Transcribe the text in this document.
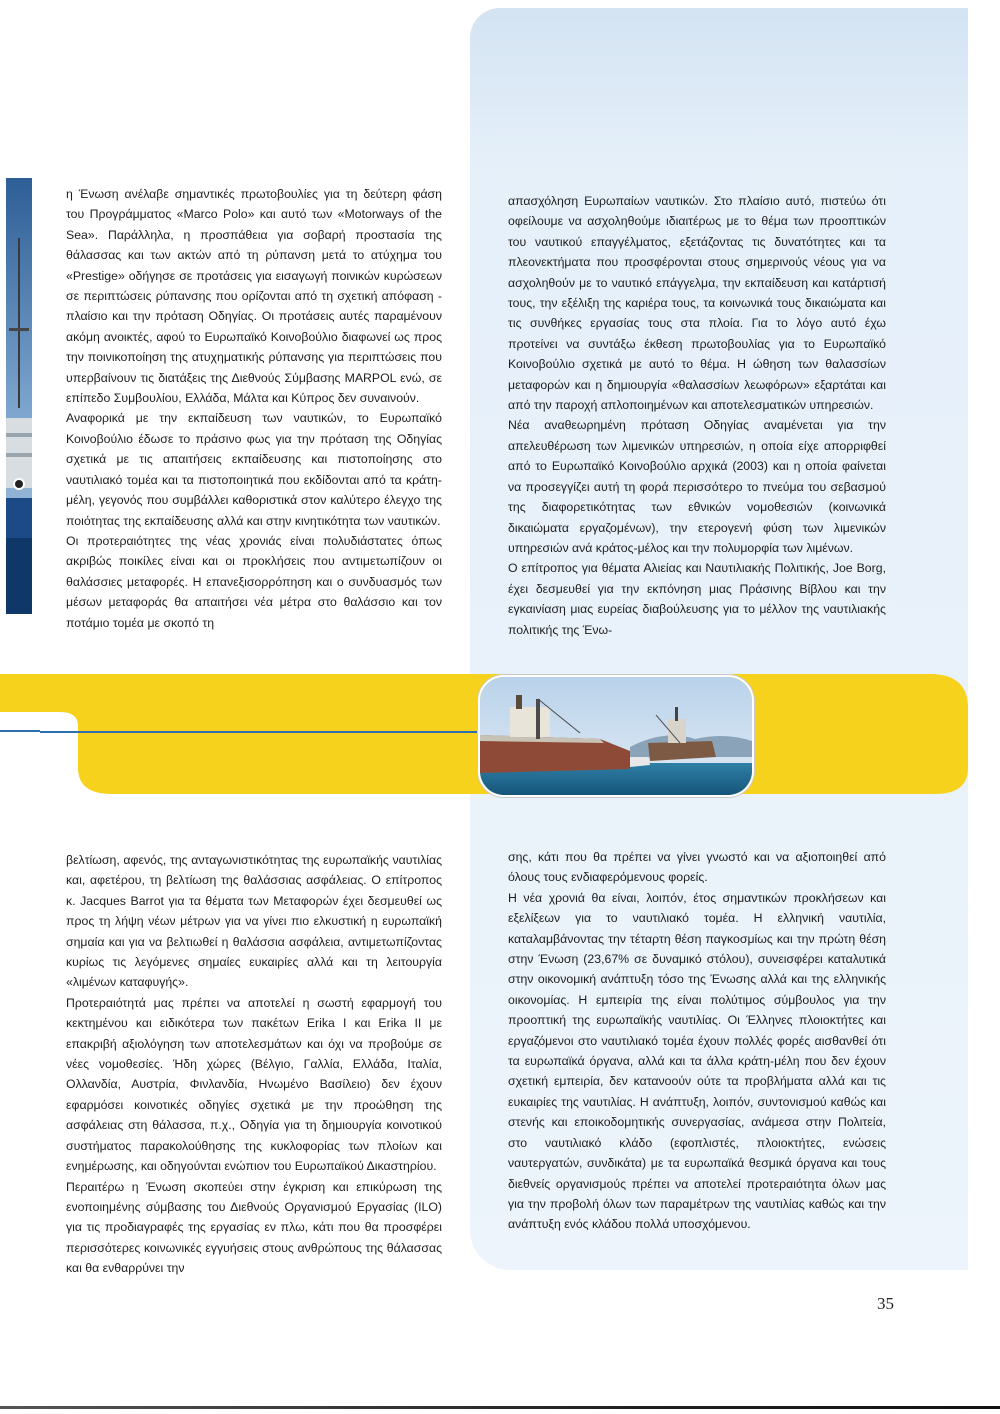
η Ένωση ανέλαβε σημαντικές πρωτοβουλίες για τη δεύτερη φάση του Προγράμματος «Marco Polo» και αυτό των «Motorways of the Sea». Παράλληλα, η προσπάθεια για σοβαρή προστασία της θάλασσας και των ακτών από τη ρύπανση μετά το ατύχημα του «Prestige» οδήγησε σε προτάσεις για εισαγωγή ποινικών κυρώσεων σε περιπτώσεις ρύπανσης που ορίζονται από τη σχετική απόφαση - πλαίσιο και την πρόταση Οδηγίας. Οι προτάσεις αυτές παραμένουν ακόμη ανοικτές, αφού το Ευρωπαϊκό Κοινοβούλιο διαφωνεί ως προς την ποινικοποίηση της ατυχηματικής ρύπανσης για περιπτώσεις που υπερβαίνουν τις διατάξεις της Διεθνούς Σύμβασης MARPOL ενώ, σε επίπεδο Συμβουλίου, Ελλάδα, Μάλτα και Κύπρος δεν συναινούν.

Αναφορικά με την εκπαίδευση των ναυτικών, το Ευρωπαϊκό Κοινοβούλιο έδωσε το πράσινο φως για την πρόταση της Οδηγίας σχετικά με τις απαιτήσεις εκπαίδευσης και πιστοποίησης στο ναυτιλιακό τομέα και τα πιστοποιητικά που εκδίδονται από τα κράτη-μέλη, γεγονός που συμβάλλει καθοριστικά στον καλύτερο έλεγχο της ποιότητας της εκπαίδευσης αλλά και στην κινητικότητα των ναυτικών.

Οι προτεραιότητες της νέας χρονιάς είναι πολυδιάστατες όπως ακριβώς ποικίλες είναι και οι προκλήσεις που αντιμετωπίζουν οι θαλάσσιες μεταφορές. Η επανεξισορρόπηση και ο συνδυασμός των μέσων μεταφοράς θα απαιτήσει νέα μέτρα στο θαλάσσιο και τον ποτάμιο τομέα με σκοπό τη

απασχόληση Ευρωπαίων ναυτικών. Στο πλαίσιο αυτό, πιστεύω ότι οφείλουμε να ασχοληθούμε ιδιαιτέρως με το θέμα των προοπτικών του ναυτικού επαγγέλματος, εξετάζοντας τις δυνατότητες και τα πλεονεκτήματα που προσφέρονται στους σημερινούς νέους για να ασχοληθούν με το ναυτικό επάγγελμα, την εκπαίδευση και κατάρτισή τους, την εξέλιξη της καριέρα τους, τα κοινωνικά τους δικαιώματα και τις συνθήκες εργασίας τους στα πλοία. Για το λόγο αυτό έχω προτείνει να συντάξω έκθεση πρωτοβουλίας για το Ευρωπαϊκό Κοινοβούλιο σχετικά με αυτό το θέμα. Η ώθηση των θαλασσίων μεταφορών και η δημιουργία «θαλασσίων λεωφόρων» εξαρτάται και από την παροχή απλοποιημένων και αποτελεσματικών υπηρεσιών.

Νέα αναθεωρημένη πρόταση Οδηγίας αναμένεται για την απελευθέρωση των λιμενικών υπηρεσιών, η οποία είχε απορριφθεί από το Ευρωπαϊκό Κοινοβούλιο αρχικά (2003) και η οποία φαίνεται να προσεγγίζει αυτή τη φορά περισσότερο το πνεύμα του σεβασμού της διαφορετικότητας των εθνικών νομοθεσιών (κοινωνικά δικαιώματα εργαζομένων), την ετερογενή φύση των λιμενικών υπηρεσιών ανά κράτος-μέλος και την πολυμορφία των λιμένων.

Ο επίτροπος για θέματα Αλιείας και Ναυτιλιακής Πολιτικής, Joe Borg, έχει δεσμευθεί για την εκπόνηση μιας Πράσινης Βίβλου και την εγκαινίαση μιας ευρείας διαβούλευσης για το μέλλον της ναυτιλιακής πολιτικής της Ένω-

βελτίωση, αφενός, της ανταγωνιστικότητας της ευρωπαϊκής ναυτιλίας και, αφετέρου, τη βελτίωση της θαλάσσιας ασφάλειας. Ο επίτροπος κ. Jacques Barrot για τα θέματα των Μεταφορών έχει δεσμευθεί ως προς τη λήψη νέων μέτρων για να γίνει πιο ελκυστική η ευρωπαϊκή σημαία και για να βελτιωθεί η θαλάσσια ασφάλεια, αντιμετωπίζοντας κυρίως τις λεγόμενες σημαίες ευκαιρίες αλλά και τη λειτουργία «λιμένων καταφυγής».

Προτεραιότητά μας πρέπει να αποτελεί η σωστή εφαρμογή του κεκτημένου και ειδικότερα των πακέτων Erika I και Erika II με επακριβή αξιολόγηση των αποτελεσμάτων και όχι να προβούμε σε νέες νομοθεσίες. Ήδη χώρες (Βέλγιο, Γαλλία, Ελλάδα, Ιταλία, Ολλανδία, Αυστρία, Φινλανδία, Ηνωμένο Βασίλειο) δεν έχουν εφαρμόσει κοινοτικές οδηγίες σχετικά με την προώθηση της ασφάλειας στη θάλασσα, π.χ., Οδηγία για τη δημιουργία κοινοτικού συστήματος παρακολούθησης της κυκλοφορίας των πλοίων και ενημέρωσης, και οδηγούνται ενώπιον του Ευρωπαϊκού Δικαστηρίου.

Περαιτέρω η Ένωση σκοπεύει στην έγκριση και επικύρωση της ενοποιημένης σύμβασης του Διεθνούς Οργανισμού Εργασίας (ILO) για τις προδιαγραφές της εργασίας εν πλω, κάτι που θα προσφέρει περισσότερες κοινωνικές εγγυήσεις στους ανθρώπους της θάλασσας και θα ενθαρρύνει την

σης, κάτι που θα πρέπει να γίνει γνωστό και να αξιοποιηθεί από όλους τους ενδιαφερόμενους φορείς.

Η νέα χρονιά θα είναι, λοιπόν, έτος σημαντικών προκλήσεων και εξελίξεων για το ναυτιλιακό τομέα. Η ελληνική ναυτιλία, καταλαμβάνοντας την τέταρτη θέση παγκοσμίως και την πρώτη θέση στην Ένωση (23,67% σε δυναμικό στόλου), συνεισφέρει καταλυτικά στην οικονομική ανάπτυξη τόσο της Ένωσης αλλά και της ελληνικής οικονομίας. Η εμπειρία της είναι πολύτιμος σύμβουλος για την προοπτική της ευρωπαϊκής ναυτιλίας. Οι Έλληνες πλοιοκτήτες και εργαζόμενοι στο ναυτιλιακό τομέα έχουν πολλές φορές αισθανθεί ότι τα ευρωπαϊκά όργανα, αλλά και τα άλλα κράτη-μέλη που δεν έχουν σχετική εμπειρία, δεν κατανοούν ούτε τα προβλήματα αλλά και τις ευκαιρίες της ναυτιλίας. Η ανάπτυξη, λοιπόν, συντονισμού καθώς και στενής και εποικοδομητικής συνεργασίας, ανάμεσα στην Πολιτεία, στο ναυτιλιακό κλάδο (εφοπλιστές, πλοιοκτήτες, ενώσεις ναυτεργατών, συνδικάτα) με τα ευρωπαϊκά θεσμικά όργανα και τους διεθνείς οργανισμούς πρέπει να αποτελεί προτεραιότητα όλων μας για την προβολή όλων των παραμέτρων της ναυτιλίας καθώς και την ανάπτυξη ενός κλάδου πολλά υποσχόμενου.

35
